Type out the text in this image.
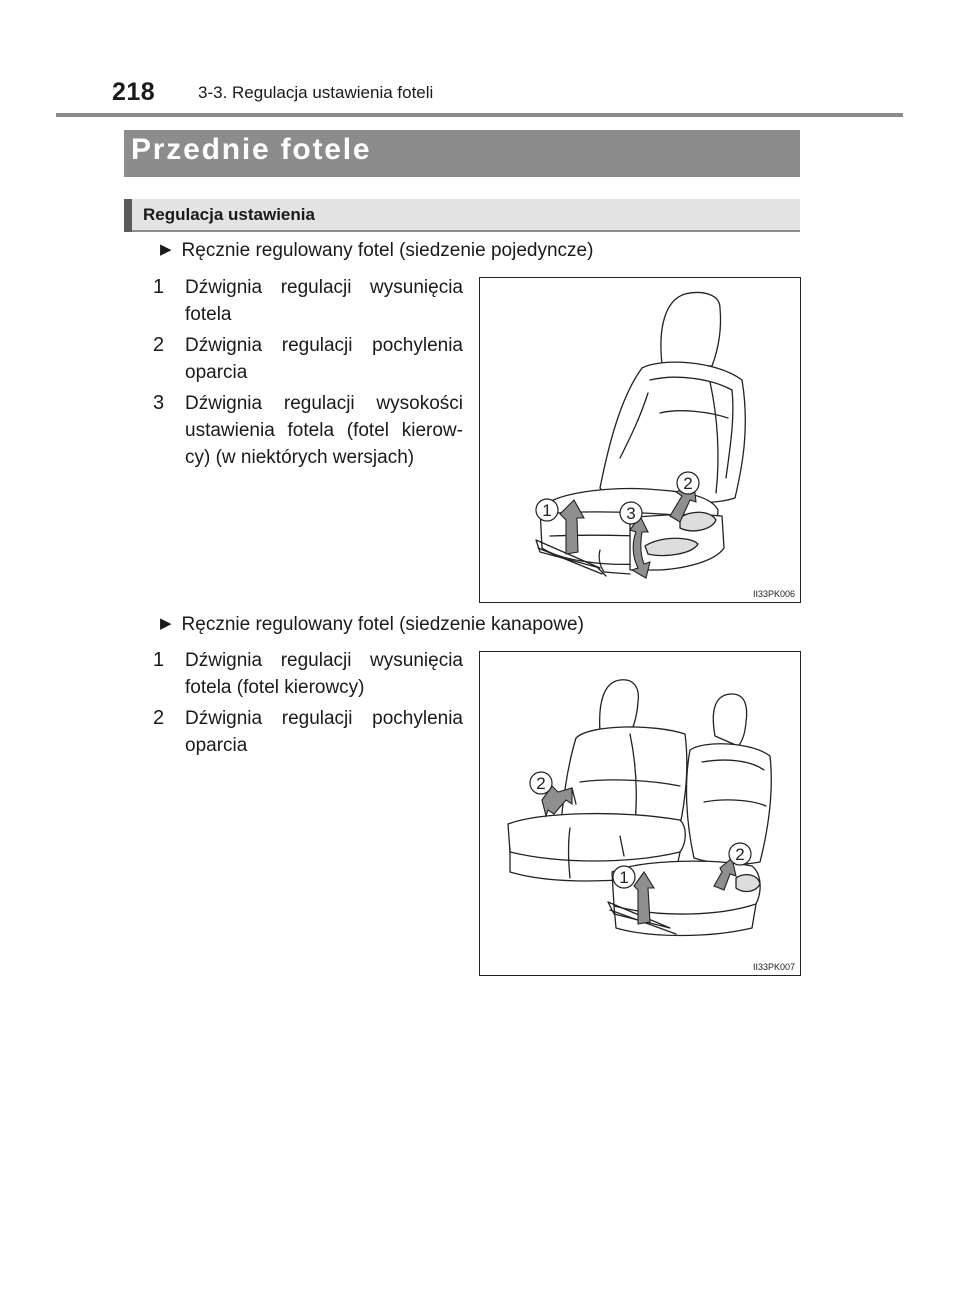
218	3-3. Regulacja ustawienia foteli
Przednie fotele
Regulacja ustawienia
▶ Ręcznie regulowany fotel (siedzenie pojedyncze)
1	Dźwignia regulacji wysunięcia fotela
2	Dźwignia regulacji pochylenia oparcia
3	Dźwignia regulacji wysokości ustawienia fotela (fotel kierow-cy) (w niektórych wersjach)
1
2
3
II33PK006
▶ Ręcznie regulowany fotel (siedzenie kanapowe)
1	Dźwignia regulacji wysunięcia fotela (fotel kierowcy)
2	Dźwignia regulacji pochylenia oparcia
2
2
1
II33PK007
